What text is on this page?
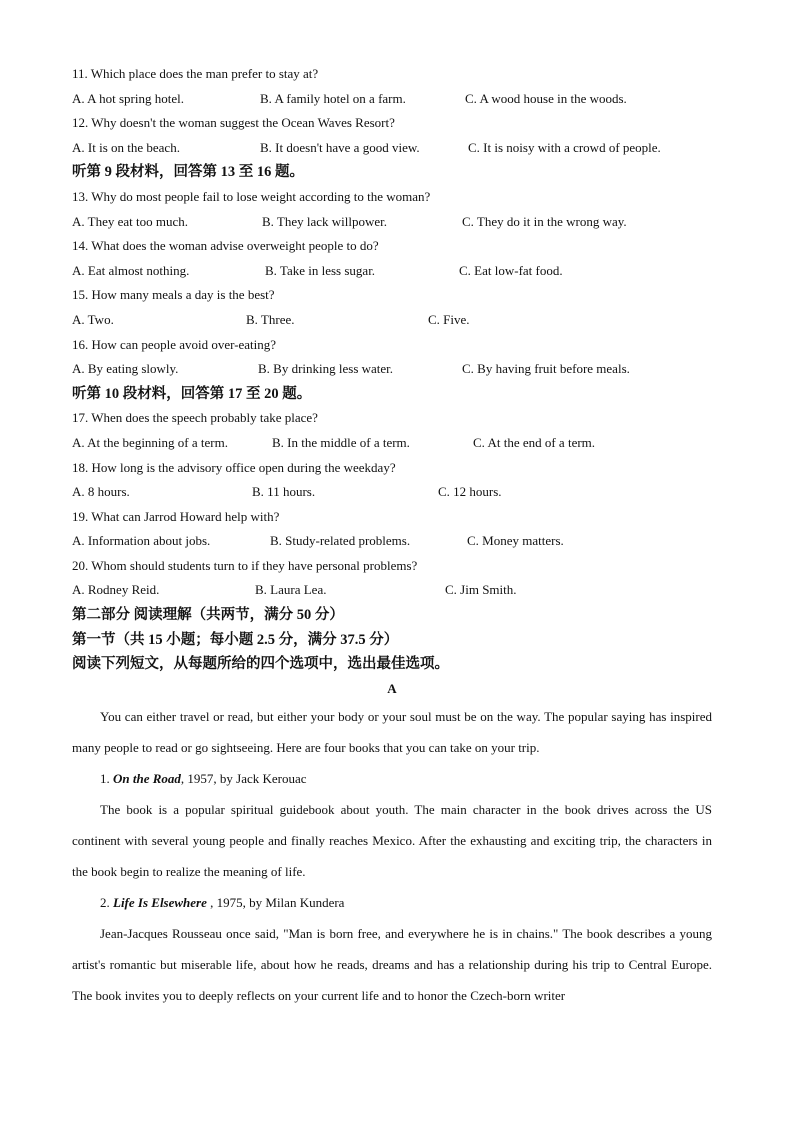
11. Which place does the man prefer to stay at?
A. A hot spring hotel.	B. A family hotel on a farm.	C. A wood house in the woods.
12. Why doesn't the woman suggest the Ocean Waves Resort?
A. It is on the beach.	B. It doesn't have a good view.	C. It is noisy with a crowd of people.
听第 9 段材料，回答第 13 至 16 题。
13. Why do most people fail to lose weight according to the woman?
A. They eat too much.	B. They lack willpower.	C. They do it in the wrong way.
14. What does the woman advise overweight people to do?
A. Eat almost nothing.	B. Take in less sugar.	C. Eat low-fat food.
15. How many meals a day is the best?
A. Two.	B. Three.	C. Five.
16. How can people avoid over-eating?
A. By eating slowly.	B. By drinking less water.	C. By having fruit before meals.
听第 10 段材料，回答第 17 至 20 题。
17. When does the speech probably take place?
A. At the beginning of a term.	B. In the middle of a term.	C. At the end of a term.
18. How long is the advisory office open during the weekday?
A. 8 hours.	B. 11 hours.	C. 12 hours.
19. What can Jarrod Howard help with?
A. Information about jobs.	B. Study-related problems.	C. Money matters.
20. Whom should students turn to if they have personal problems?
A. Rodney Reid.	B. Laura Lea.	C. Jim Smith.
第二部分 阅读理解（共两节，满分 50 分）
第一节（共 15 小题；每小题 2.5 分，满分 37.5 分）
阅读下列短文，从每题所给的四个选项中，选出最佳选项。
A

You can either travel or read, but either your body or your soul must be on the way. The popular saying has inspired many people to read or go sightseeing. Here are four books that you can take on your trip.

1. On the Road, 1957, by Jack Kerouac

The book is a popular spiritual guidebook about youth. The main character in the book drives across the US continent with several young people and finally reaches Mexico. After the exhausting and exciting trip, the characters in the book begin to realize the meaning of life.

2. Life Is Elsewhere , 1975, by Milan Kundera

Jean-Jacques Rousseau once said, "Man is born free, and everywhere he is in chains." The book describes a young artist's romantic but miserable life, about how he reads, dreams and has a relationship during his trip to Central Europe. The book invites you to deeply reflects on your current life and to honor the Czech-born writer
